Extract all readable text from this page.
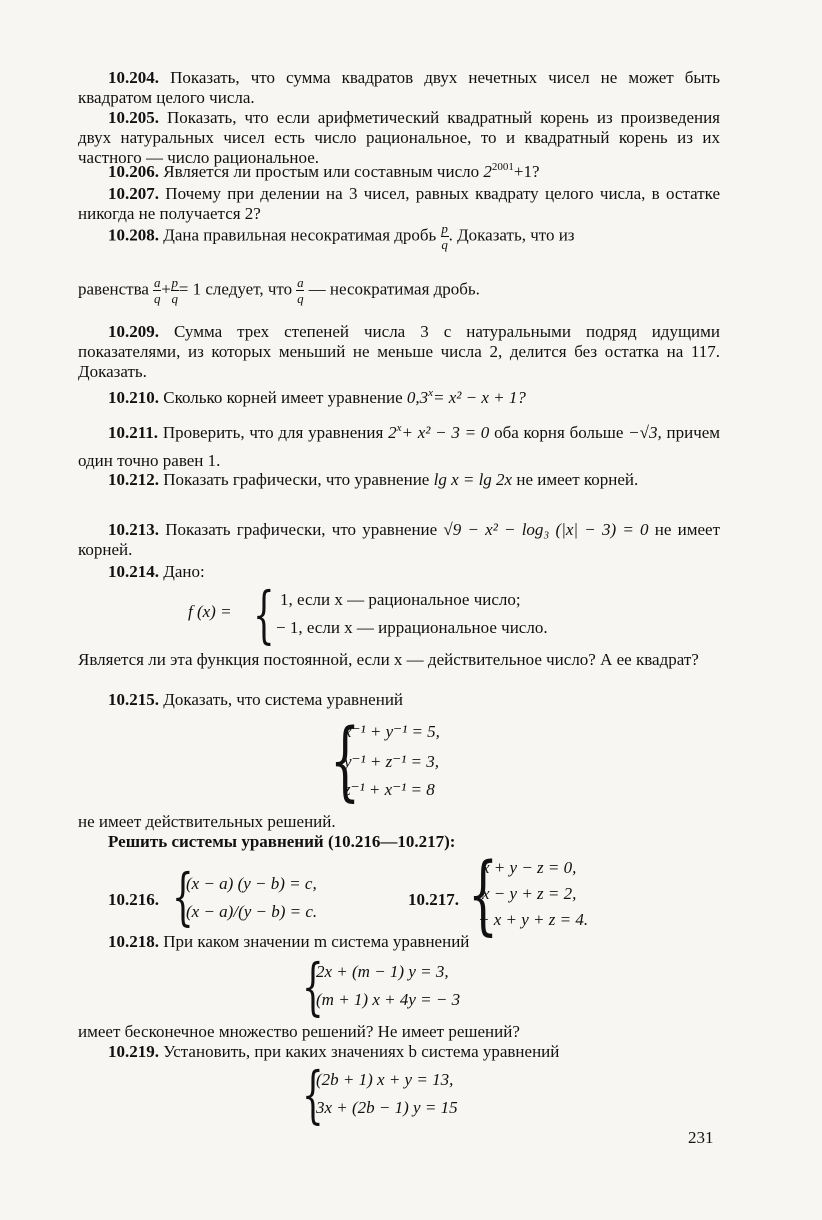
10.204. Показать, что сумма квадратов двух нечетных чисел не может быть квадратом целого числа.

10.205. Показать, что если арифметический квадратный корень из произведения двух натуральных чисел есть число рациональное, то и квадратный корень из их частного — число рациональное.

10.206. Является ли простым или составным число $2^{2001}+1$?

10.207. Почему при делении на 3 чисел, равных квадрату целого числа, в остатке никогда не получается 2?

10.208. Дана правильная несократимая дробь $\frac{p}{q}$ . Доказать, что из
равенства $\frac{a}{q} + \frac{p}{q} = 1$ следует, что $\frac{a}{q}$ — несократимая дробь.

10.209. Сумма трех степеней числа 3 с натуральными подряд идущими показателями, из которых меньший не меньше числа 2, делится без остатка на 117. Доказать.

10.210. Сколько корней имеет уравнение $0,3^x= x^2 - x + 1$?

10.211. Проверить, что для уравнения $2^x+ x^2 - 3 = 0$ оба корня больше −√3, причем один точно равен 1.

10.212. Показать графически, что уравнение lg x = lg 2x не имеет корней.

10.213. Показать графически, что уравнение √9 − x² − log₃ (|x| − 3) = 0 не имеет корней.

10.214. Дано:

f (x) = { 1, если x — рациональное число;
− 1, если x — иррациональное число.

Является ли эта функция постоянной, если x — действительное число? А ее квадрат?

10.215. Доказать, что система уравнений

{
x⁻¹ + y⁻¹ = 5,
y⁻¹ + z⁻¹ = 3,
z⁻¹ + x⁻¹ = 8

не имеет действительных решений.

Решить системы уравнений (10.216—10.217):

10.216. {
(x − a) (y − b) = c,
(x − a)/(y − b) = c.
10.217. {
x + y − z = 0,
x − y + z = 2,
− x + y + z = 4.

10.218. При каком значении m система уравнений

{
2x + (m − 1) y = 3,
(m + 1) x + 4y = − 3

имеет бесконечное множество решений? Не имеет решений?

10.219. Установить, при каких значениях b система уравнений

{
(2b + 1) x + y = 13,
3x + (2b − 1) y = 15
231
